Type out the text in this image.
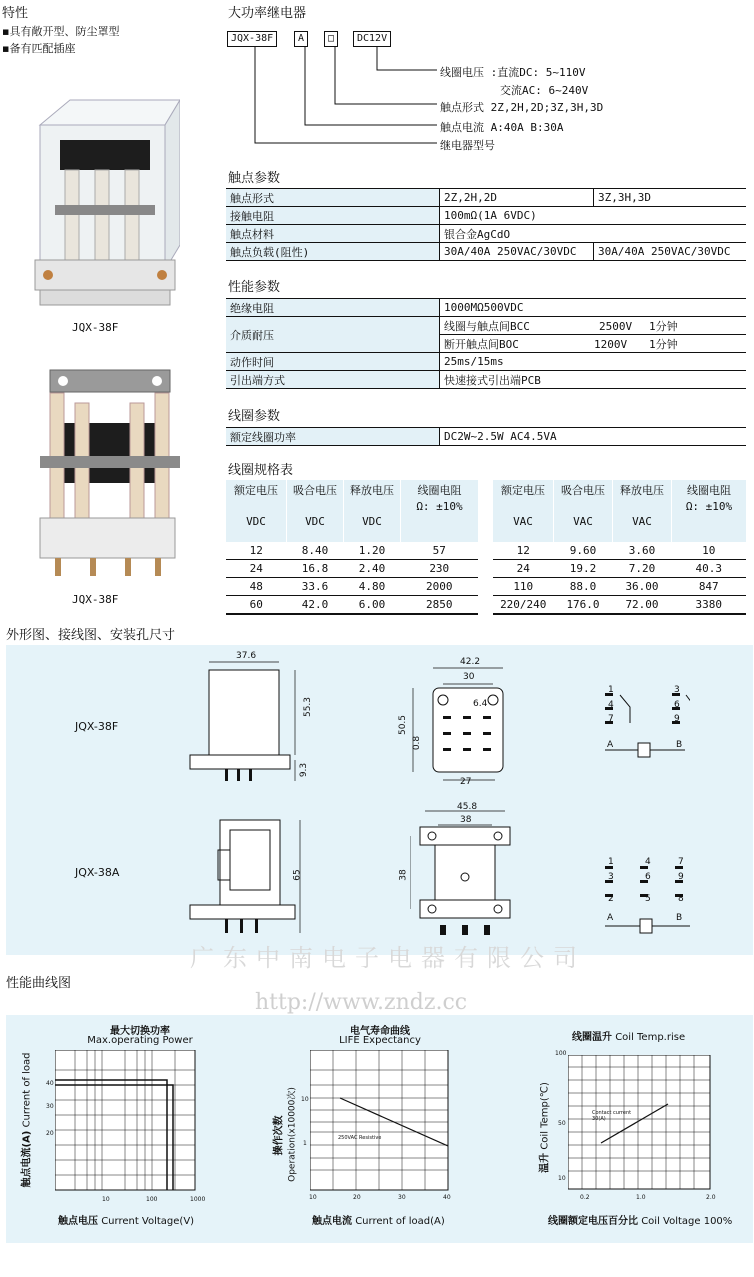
特性
▪具有敞开型、防尘罩型
▪备有匹配插座
JQX-38F
JQX-38F
大功率继电器
JQX-38F	A	□	DC12V
线圈电压 :直流DC: 5~110V
交流AC: 6~240V
触点形式 2Z,2H,2D;3Z,3H,3D
触点电流 A:40A B:30A
继电器型号
触点参数
触点形式	2Z,2H,2D	3Z,3H,3D
接触电阻	100mΩ(1A 6VDC)	
触点材料	银合金AgCdO	
触点负载(阻性)	30A/40A 250VAC/30VDC	30A/40A 250VAC/30VDC
性能参数
绝缘电阻	1000MΩ500VDC
介质耐压	线圈与触点间BCC 2500V 1分钟
	断开触点间BOC 1200V 1分钟
动作时间	25ms/15ms
引出端方式	快速接式引出端PCB
线圈参数
额定线圈功率	DC2W~2.5W AC4.5VA
线圈规格表
额定电压	吸合电压	释放电压	线圈电阻
VDC	VDC	VDC	Ω: ±10%
12	8.40	1.20	57
24	16.8	2.40	230
48	33.6	4.80	2000
60	42.0	6.00	2850
额定电压	吸合电压	释放电压	线圈电阻
VAC	VAC	VAC	Ω: ±10%
12	9.60	3.60	10
24	19.2	7.20	40.3
110	88.0	36.00	847
220/240	176.0	72.00	3380
外形图、接线图、安装孔尺寸
JQX-38F
JQX-38A
37.6
55.3
9.3
42.2
30
6.4
50.5
0.8
27
1
4
7
3
6
9
A	B
65
45.8
38
38
1
3
2
4
6
5
7
9
8
A	B
广东中南电子电器有限公司
性能曲线图
http://www.zndz.cc
最大切换功率
Max.operating Power
40
30
20
10	100	1000
触点电流(A) Current of load
触点电压 Current Voltage(V)
电气寿命曲线
LIFE Expectancy
250VAC Resistive
10
1
10	20	30	40
操作次数 Operation(x10000次)
触点电流 Current of load(A)
线圈温升 Coil Temp.rise
Contact current 30(A)
100
50
10
0.2	1.0	2.0
温升 Coil Temp(℃)
线圈额定电压百分比 Coil Voltage 100%
